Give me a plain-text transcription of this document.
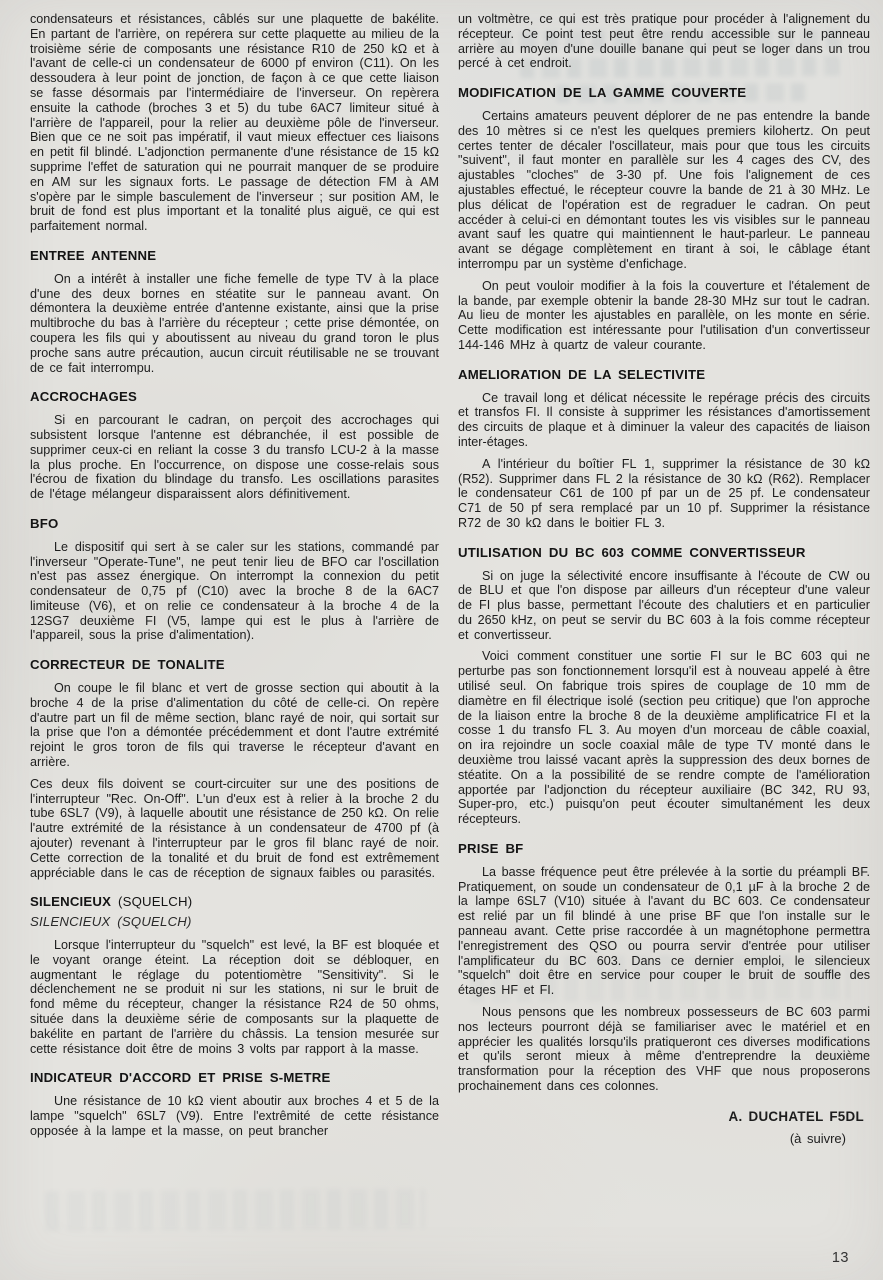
condensateurs et résistances, câblés sur une plaquette de bakélite. En partant de l'arrière, on repérera sur cette plaquette au milieu de la troisième série de composants une résistance R10 de 250 kΩ et à l'avant de celle-ci un condensateur de 6000 pf environ (C11). On les dessoudera à leur point de jonction, de façon à ce que cette liaison se fasse désormais par l'intermédiaire de l'inverseur. On repèrera ensuite la cathode (broches 3 et 5) du tube 6AC7 limiteur situé à l'arrière de l'appareil, pour la relier au deuxième pôle de l'inverseur. Bien que ce ne soit pas impératif, il vaut mieux effectuer ces liaisons en petit fil blindé. L'adjonction permanente d'une résistance de 15 kΩ supprime l'effet de saturation qui ne pourrait manquer de se produire en AM sur les signaux forts. Le passage de détection FM à AM s'opère par le simple basculement de l'inverseur ; sur position AM, le bruit de fond est plus important et la tonalité plus aiguë, ce qui est parfaitement normal.

ENTREE ANTENNE

On a intérêt à installer une fiche femelle de type TV à la place d'une des deux bornes en stéatite sur le panneau avant. On démontera la deuxième entrée d'antenne existante, ainsi que la prise multibroche du bas à l'arrière du récepteur ; cette prise démontée, on coupera les fils qui y aboutissent au niveau du grand toron le plus proche sans autre précaution, aucun circuit réutilisable ne se trouvant de ce fait interrompu.

ACCROCHAGES

Si en parcourant le cadran, on perçoit des accrochages qui subsistent lorsque l'antenne est débranchée, il est possible de supprimer ceux-ci en reliant la cosse 3 du transfo LCU-2 à la masse la plus proche. En l'occurrence, on dispose une cosse-relais sous l'écrou de fixation du blindage du transfo. Les oscillations parasites de l'étage mélangeur disparaissent alors définitivement.

BFO

Le dispositif qui sert à se caler sur les stations, commandé par l'inverseur "Operate-Tune", ne peut tenir lieu de BFO car l'oscillation n'est pas assez énergique. On interrompt la connexion du petit condensateur de 0,75 pf (C10) avec la broche 8 de la 6AC7 limiteuse (V6), et on relie ce condensateur à la broche 4 de la 12SG7 deuxième FI (V5, lampe qui est le plus à l'arrière de l'appareil, sous la prise d'alimentation).

CORRECTEUR DE TONALITE

On coupe le fil blanc et vert de grosse section qui aboutit à la broche 4 de la prise d'alimentation du côté de celle-ci. On repère d'autre part un fil de même section, blanc rayé de noir, qui sortait sur la prise que l'on a démontée précédemment et dont l'autre extrémité rejoint le gros toron de fils qui traverse le récepteur d'avant en arrière.

Ces deux fils doivent se court-circuiter sur une des positions de l'interrupteur "Rec. On-Off". L'un d'eux est à relier à la broche 2 du tube 6SL7 (V9), à laquelle aboutit une résistance de 250 kΩ. On relie l'autre extrémité de la résistance à un condensateur de 4700 pf (à ajouter) revenant à l'interrupteur par le gros fil blanc rayé de noir. Cette correction de la tonalité et du bruit de fond est extrêmement appréciable dans le cas de réception de signaux faibles ou parasités.

SILENCIEUX (SQUELCH)
SILENCIEUX (SQUELCH)

Lorsque l'interrupteur du "squelch" est levé, la BF est bloquée et le voyant orange éteint. La réception doit se débloquer, en augmentant le réglage du potentiomètre "Sensitivity". Si le déclenchement ne se produit ni sur les stations, ni sur le bruit de fond même du récepteur, changer la résistance R24 de 50 ohms, située dans la deuxième série de composants sur la plaquette de bakélite en partant de l'arrière du châssis. La tension mesurée sur cette résistance doit être de moins 3 volts par rapport à la masse.

INDICATEUR D'ACCORD ET PRISE S-METRE

Une résistance de 10 kΩ vient aboutir aux broches 4 et 5 de la lampe "squelch" 6SL7 (V9). Entre l'extrêmité de cette résistance opposée à la lampe et la masse, on peut brancher

un voltmètre, ce qui est très pratique pour procéder à l'alignement du récepteur. Ce point test peut être rendu accessible sur le panneau arrière au moyen d'une douille banane qui peut se loger dans un trou percé à cet endroit.

MODIFICATION DE LA GAMME COUVERTE

Certains amateurs peuvent déplorer de ne pas entendre la bande des 10 mètres si ce n'est les quelques premiers kilohertz. On peut certes tenter de décaler l'oscillateur, mais pour que tous les circuits "suivent", il faut monter en parallèle sur les 4 cages des CV, des ajustables "cloches" de 3-30 pf. Une fois l'alignement de ces ajustables effectué, le récepteur couvre la bande de 21 à 30 MHz. Le plus délicat de l'opération est de regraduer le cadran. On peut accéder à celui-ci en démontant toutes les vis visibles sur le panneau avant sauf les quatre qui maintiennent le haut-parleur. Le panneau avant se dégage complètement en tirant à soi, le câblage étant interrompu par un système d'enfichage.

On peut vouloir modifier à la fois la couverture et l'étalement de la bande, par exemple obtenir la bande 28-30 MHz sur tout le cadran. Au lieu de monter les ajustables en parallèle, on les monte en série. Cette modification est intéressante pour l'utilisation d'un convertisseur 144-146 MHz à quartz de valeur courante.

AMELIORATION DE LA SELECTIVITE

Ce travail long et délicat nécessite le repérage précis des circuits et transfos FI. Il consiste à supprimer les résistances d'amortissement des circuits de plaque et à diminuer la valeur des capacités de liaison inter-étages.

A l'intérieur du boîtier FL 1, supprimer la résistance de 30 kΩ (R52). Supprimer dans FL 2 la résistance de 30 kΩ (R62). Remplacer le condensateur C61 de 100 pf par un de 25 pf. Le condensateur C71 de 50 pf sera remplacé par un 10 pf. Supprimer la résistance R72 de 30 kΩ dans le boitier FL 3.

UTILISATION DU BC 603 COMME CONVERTISSEUR

Si on juge la sélectivité encore insuffisante à l'écoute de CW ou de BLU et que l'on dispose par ailleurs d'un récepteur d'une valeur de FI plus basse, permettant l'écoute des chalutiers et en particulier du 2650 kHz, on peut se servir du BC 603 à la fois comme récepteur et convertisseur.

Voici comment constituer une sortie FI sur le BC 603 qui ne perturbe pas son fonctionnement lorsqu'il est à nouveau appelé à être utilisé seul. On fabrique trois spires de couplage de 10 mm de diamètre en fil électrique isolé (section peu critique) que l'on approche de la liaison entre la broche 8 de la deuxième amplificatrice FI et la cosse 1 du transfo FL 3. Au moyen d'un morceau de câble coaxial, on ira rejoindre un socle coaxial mâle de type TV monté dans le deuxième trou laissé vacant après la suppression des deux bornes de stéatite. On a la possibilité de se rendre compte de l'amélioration apportée par l'adjonction du récepteur auxiliaire (BC 342, RU 93, Super-pro, etc.) puisqu'on peut écouter simultanément les deux récepteurs.

PRISE BF

La basse fréquence peut être prélevée à la sortie du préampli BF. Pratiquement, on soude un condensateur de 0,1 µF à la broche 2 de la lampe 6SL7 (V10) située à l'avant du BC 603. Ce condensateur est relié par un fil blindé à une prise BF que l'on installe sur le panneau avant. Cette prise raccordée à un magnétophone permettra l'enregistrement des QSO ou pourra servir d'entrée pour utiliser l'amplificateur du BC 603. Dans ce dernier emploi, le silencieux "squelch" doit être en service pour couper le bruit de souffle des étages HF et FI.

Nous pensons que les nombreux possesseurs de BC 603 parmi nos lecteurs pourront déjà se familiariser avec le matériel et en apprécier les qualités lorsqu'ils pratiqueront ces diverses modifications et qu'ils seront mieux à même d'entreprendre la deuxième transformation pour la réception des VHF que nous proposerons prochainement dans ces colonnes.

A. DUCHATEL F5DL
(à suivre)
13
